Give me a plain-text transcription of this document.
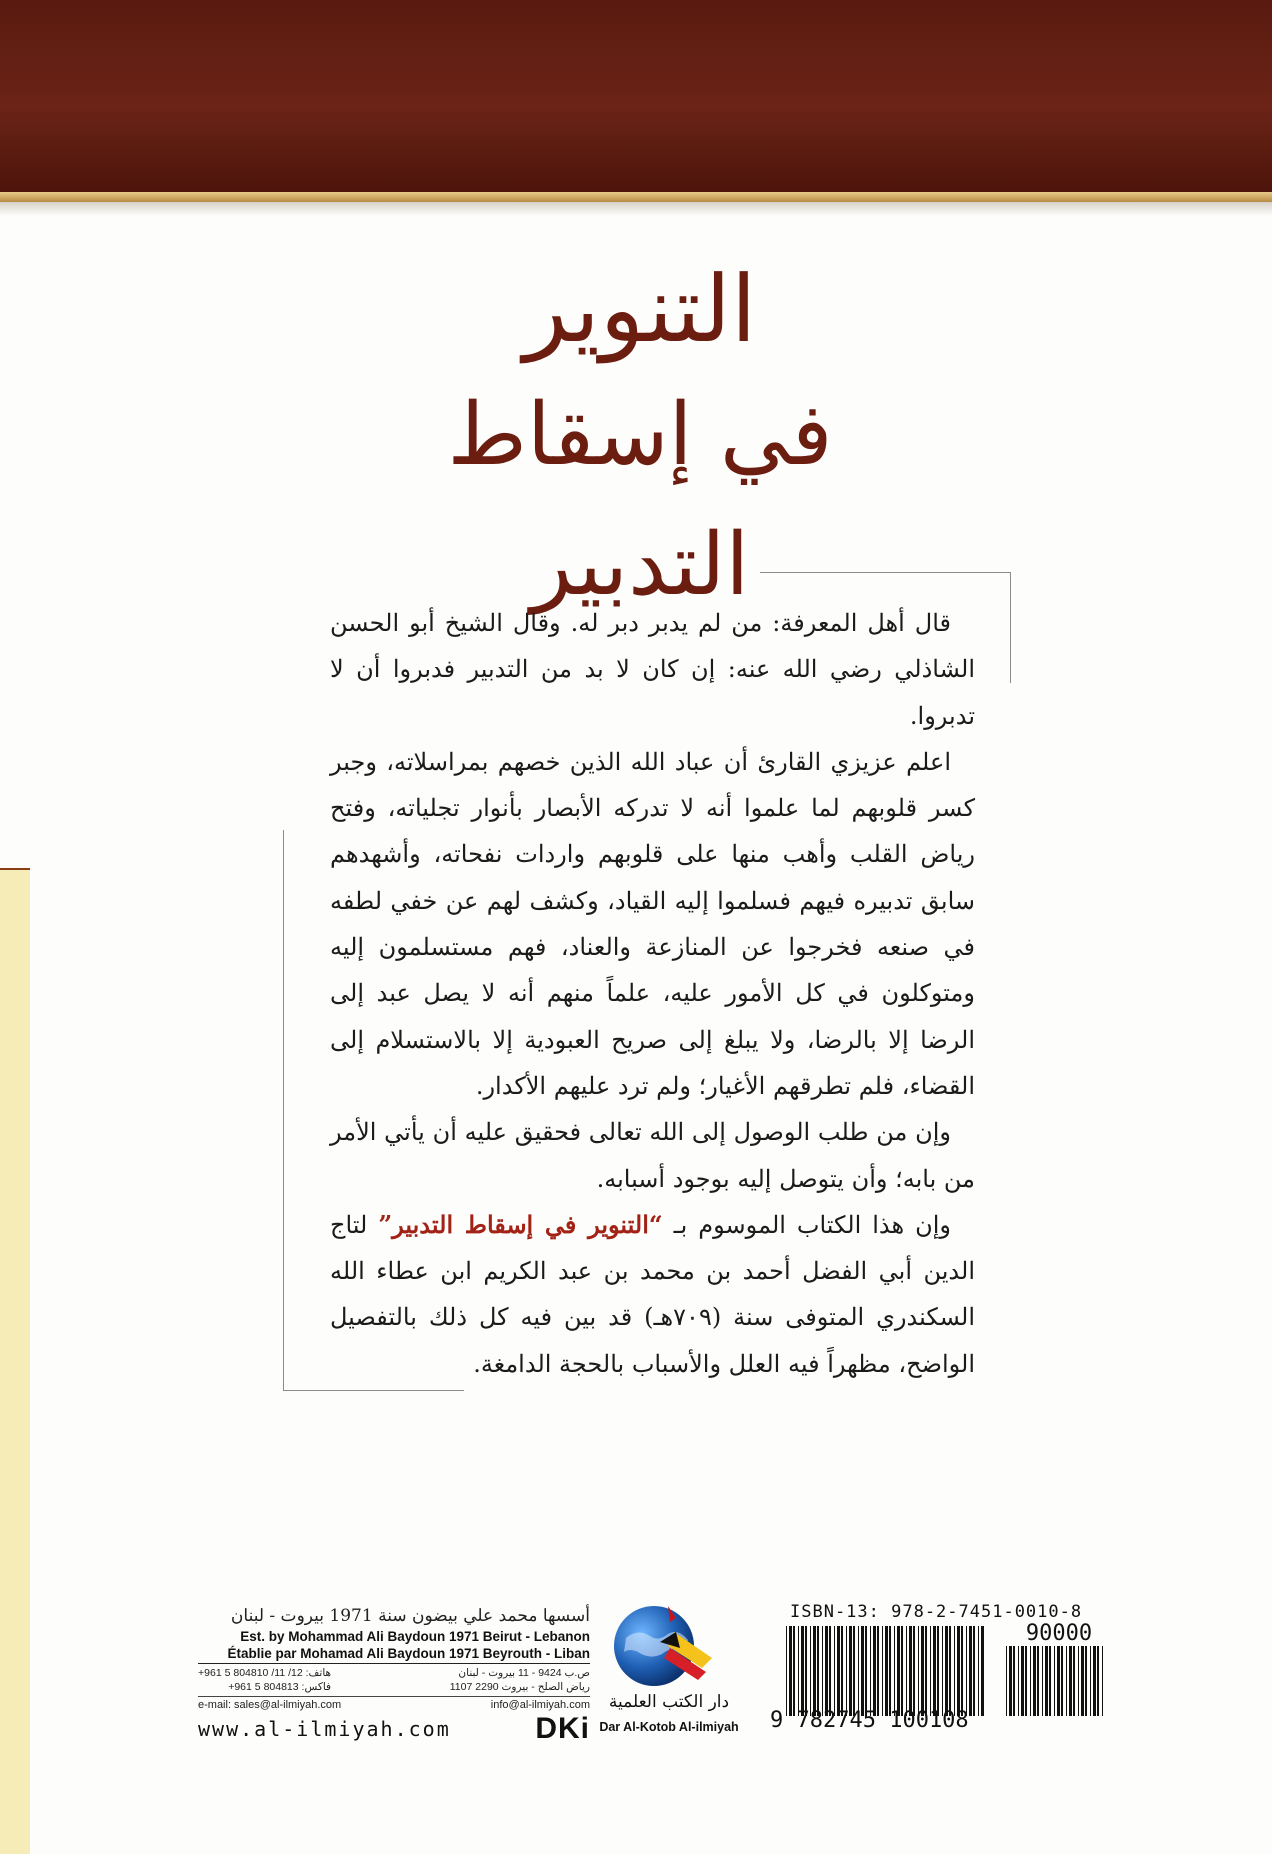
التنوير
في إسقاط التدبير

قال أهل المعرفة: من لم يدبر دبر له. وقال الشيخ أبو الحسن الشاذلي رضي الله عنه: إن كان لا بد من التدبير فدبروا أن لا تدبروا.

اعلم عزيزي القارئ أن عباد الله الذين خصهم بمراسلاته، وجبر كسر قلوبهم لما علموا أنه لا تدركه الأبصار بأنوار تجلياته، وفتح رياض القلب وأهب منها على قلوبهم واردات نفحاته، وأشهدهم سابق تدبيره فيهم فسلموا إليه القياد، وكشف لهم عن خفي لطفه في صنعه فخرجوا عن المنازعة والعناد، فهم مستسلمون إليه ومتوكلون في كل الأمور عليه، علماً منهم أنه لا يصل عبد إلى الرضا إلا بالرضا، ولا يبلغ إلى صريح العبودية إلا بالاستسلام إلى القضاء، فلم تطرقهم الأغيار؛ ولم ترد عليهم الأكدار.

وإن من طلب الوصول إلى الله تعالى فحقيق عليه أن يأتي الأمر من بابه؛ وأن يتوصل إليه بوجود أسبابه.

وإن هذا الكتاب الموسوم بـ “التنوير في إسقاط التدبير” لتاج الدين أبي الفضل أحمد بن محمد بن عبد الكريم ابن عطاء الله السكندري المتوفى سنة (٧٠٩هـ) قد بين فيه كل ذلك بالتفصيل الواضح، مظهراً فيه العلل والأسباب بالحجة الدامغة.

أسسها محمد علي بيضون سنة 1971 بيروت - لبنان
Est. by Mohammad Ali Baydoun 1971 Beirut - Lebanon
Établie par Mohamad Ali Baydoun 1971 Beyrouth - Liban
هاتف: 12/ 11/ 804810 5 961+
فاكس: 804813 5 961+
ص.ب 9424 - 11 بيروت - لبنان
رياض الصلح - بيروت 2290 1107
e-mail: sales@al-ilmiyah.com	info@al-ilmiyah.com
www.al-ilmiyah.com	DKi
دار الكتب العلمية
Dar Al-Kotob Al-ilmiyah
ISBN-13: 978-2-7451-0010-8
90000
9 782745 100108
